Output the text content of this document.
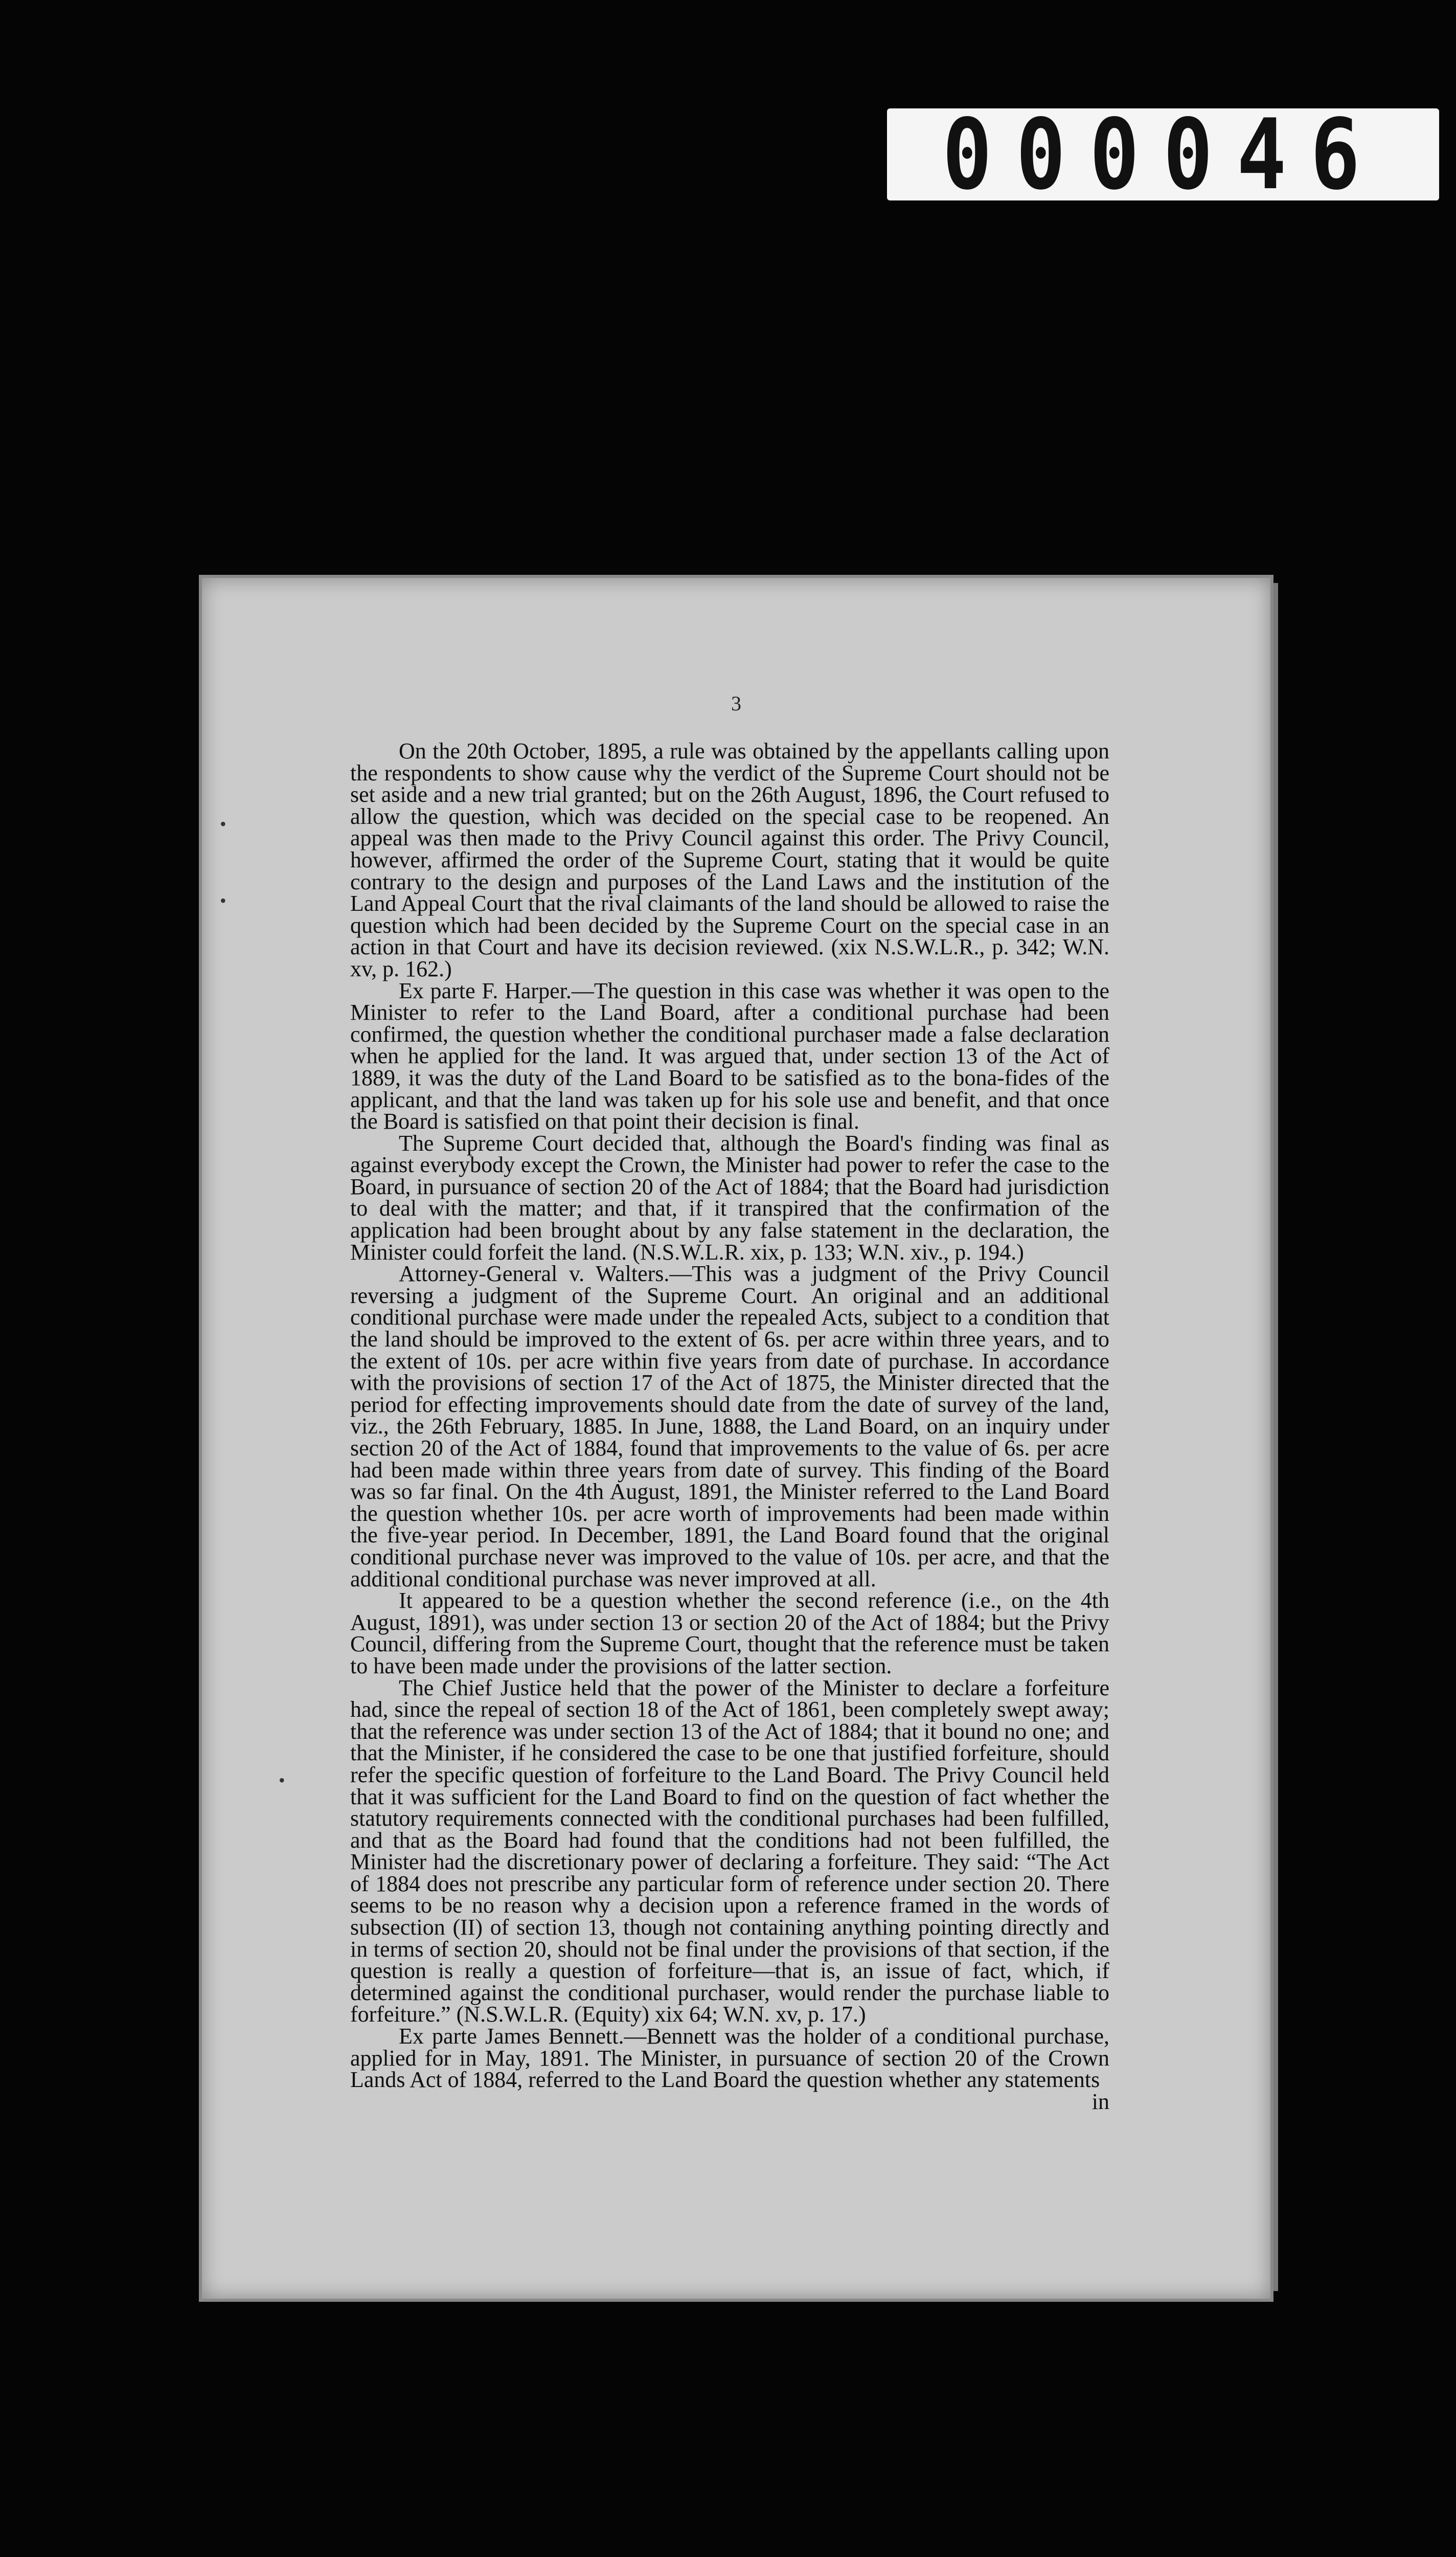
000046
3
•
•
•

On the 20th October, 1895, a rule was obtained by the appellants calling upon the respondents to show cause why the verdict of the Supreme Court should not be set aside and a new trial granted; but on the 26th August, 1896, the Court refused to allow the question, which was decided on the special case to be reopened. An appeal was then made to the Privy Council against this order. The Privy Council, however, affirmed the order of the Supreme Court, stating that it would be quite contrary to the design and purposes of the Land Laws and the institution of the Land Appeal Court that the rival claimants of the land should be allowed to raise the question which had been decided by the Supreme Court on the special case in an action in that Court and have its decision reviewed. (xix N.S.W.L.R., p. 342; W.N. xv, p. 162.)

Ex parte F. Harper.—The question in this case was whether it was open to the Minister to refer to the Land Board, after a conditional purchase had been confirmed, the question whether the conditional purchaser made a false declaration when he applied for the land. It was argued that, under section 13 of the Act of 1889, it was the duty of the Land Board to be satisfied as to the bona-fides of the applicant, and that the land was taken up for his sole use and benefit, and that once the Board is satisfied on that point their decision is final.

The Supreme Court decided that, although the Board's finding was final as against everybody except the Crown, the Minister had power to refer the case to the Board, in pursuance of section 20 of the Act of 1884; that the Board had jurisdiction to deal with the matter; and that, if it transpired that the confirmation of the application had been brought about by any false statement in the declaration, the Minister could forfeit the land. (N.S.W.L.R. xix, p. 133; W.N. xiv., p. 194.)

Attorney-General v. Walters.—This was a judgment of the Privy Council reversing a judgment of the Supreme Court. An original and an additional conditional purchase were made under the repealed Acts, subject to a condition that the land should be improved to the extent of 6s. per acre within three years, and to the extent of 10s. per acre within five years from date of purchase. In accordance with the provisions of section 17 of the Act of 1875, the Minister directed that the period for effecting improvements should date from the date of survey of the land, viz., the 26th February, 1885. In June, 1888, the Land Board, on an inquiry under section 20 of the Act of 1884, found that improvements to the value of 6s. per acre had been made within three years from date of survey. This finding of the Board was so far final. On the 4th August, 1891, the Minister referred to the Land Board the question whether 10s. per acre worth of improvements had been made within the five-year period. In December, 1891, the Land Board found that the original conditional purchase never was improved to the value of 10s. per acre, and that the additional conditional purchase was never improved at all.

It appeared to be a question whether the second reference (i.e., on the 4th August, 1891), was under section 13 or section 20 of the Act of 1884; but the Privy Council, differing from the Supreme Court, thought that the reference must be taken to have been made under the provisions of the latter section.

The Chief Justice held that the power of the Minister to declare a forfeiture had, since the repeal of section 18 of the Act of 1861, been completely swept away; that the reference was under section 13 of the Act of 1884; that it bound no one; and that the Minister, if he considered the case to be one that justified forfeiture, should refer the specific question of forfeiture to the Land Board. The Privy Council held that it was sufficient for the Land Board to find on the question of fact whether the statutory requirements connected with the conditional purchases had been fulfilled, and that as the Board had found that the conditions had not been fulfilled, the Minister had the discretionary power of declaring a forfeiture. They said: “The Act of 1884 does not prescribe any particular form of reference under section 20. There seems to be no reason why a decision upon a reference framed in the words of subsection (II) of section 13, though not containing anything pointing directly and in terms of section 20, should not be final under the provisions of that section, if the question is really a question of forfeiture—that is, an issue of fact, which, if determined against the conditional purchaser, would render the purchase liable to forfeiture.” (N.S.W.L.R. (Equity) xix 64; W.N. xv, p. 17.)

Ex parte James Bennett.—Bennett was the holder of a conditional purchase, applied for in May, 1891. The Minister, in pursuance of section 20 of the Crown Lands Act of 1884, referred to the Land Board the question whether any statements

in
